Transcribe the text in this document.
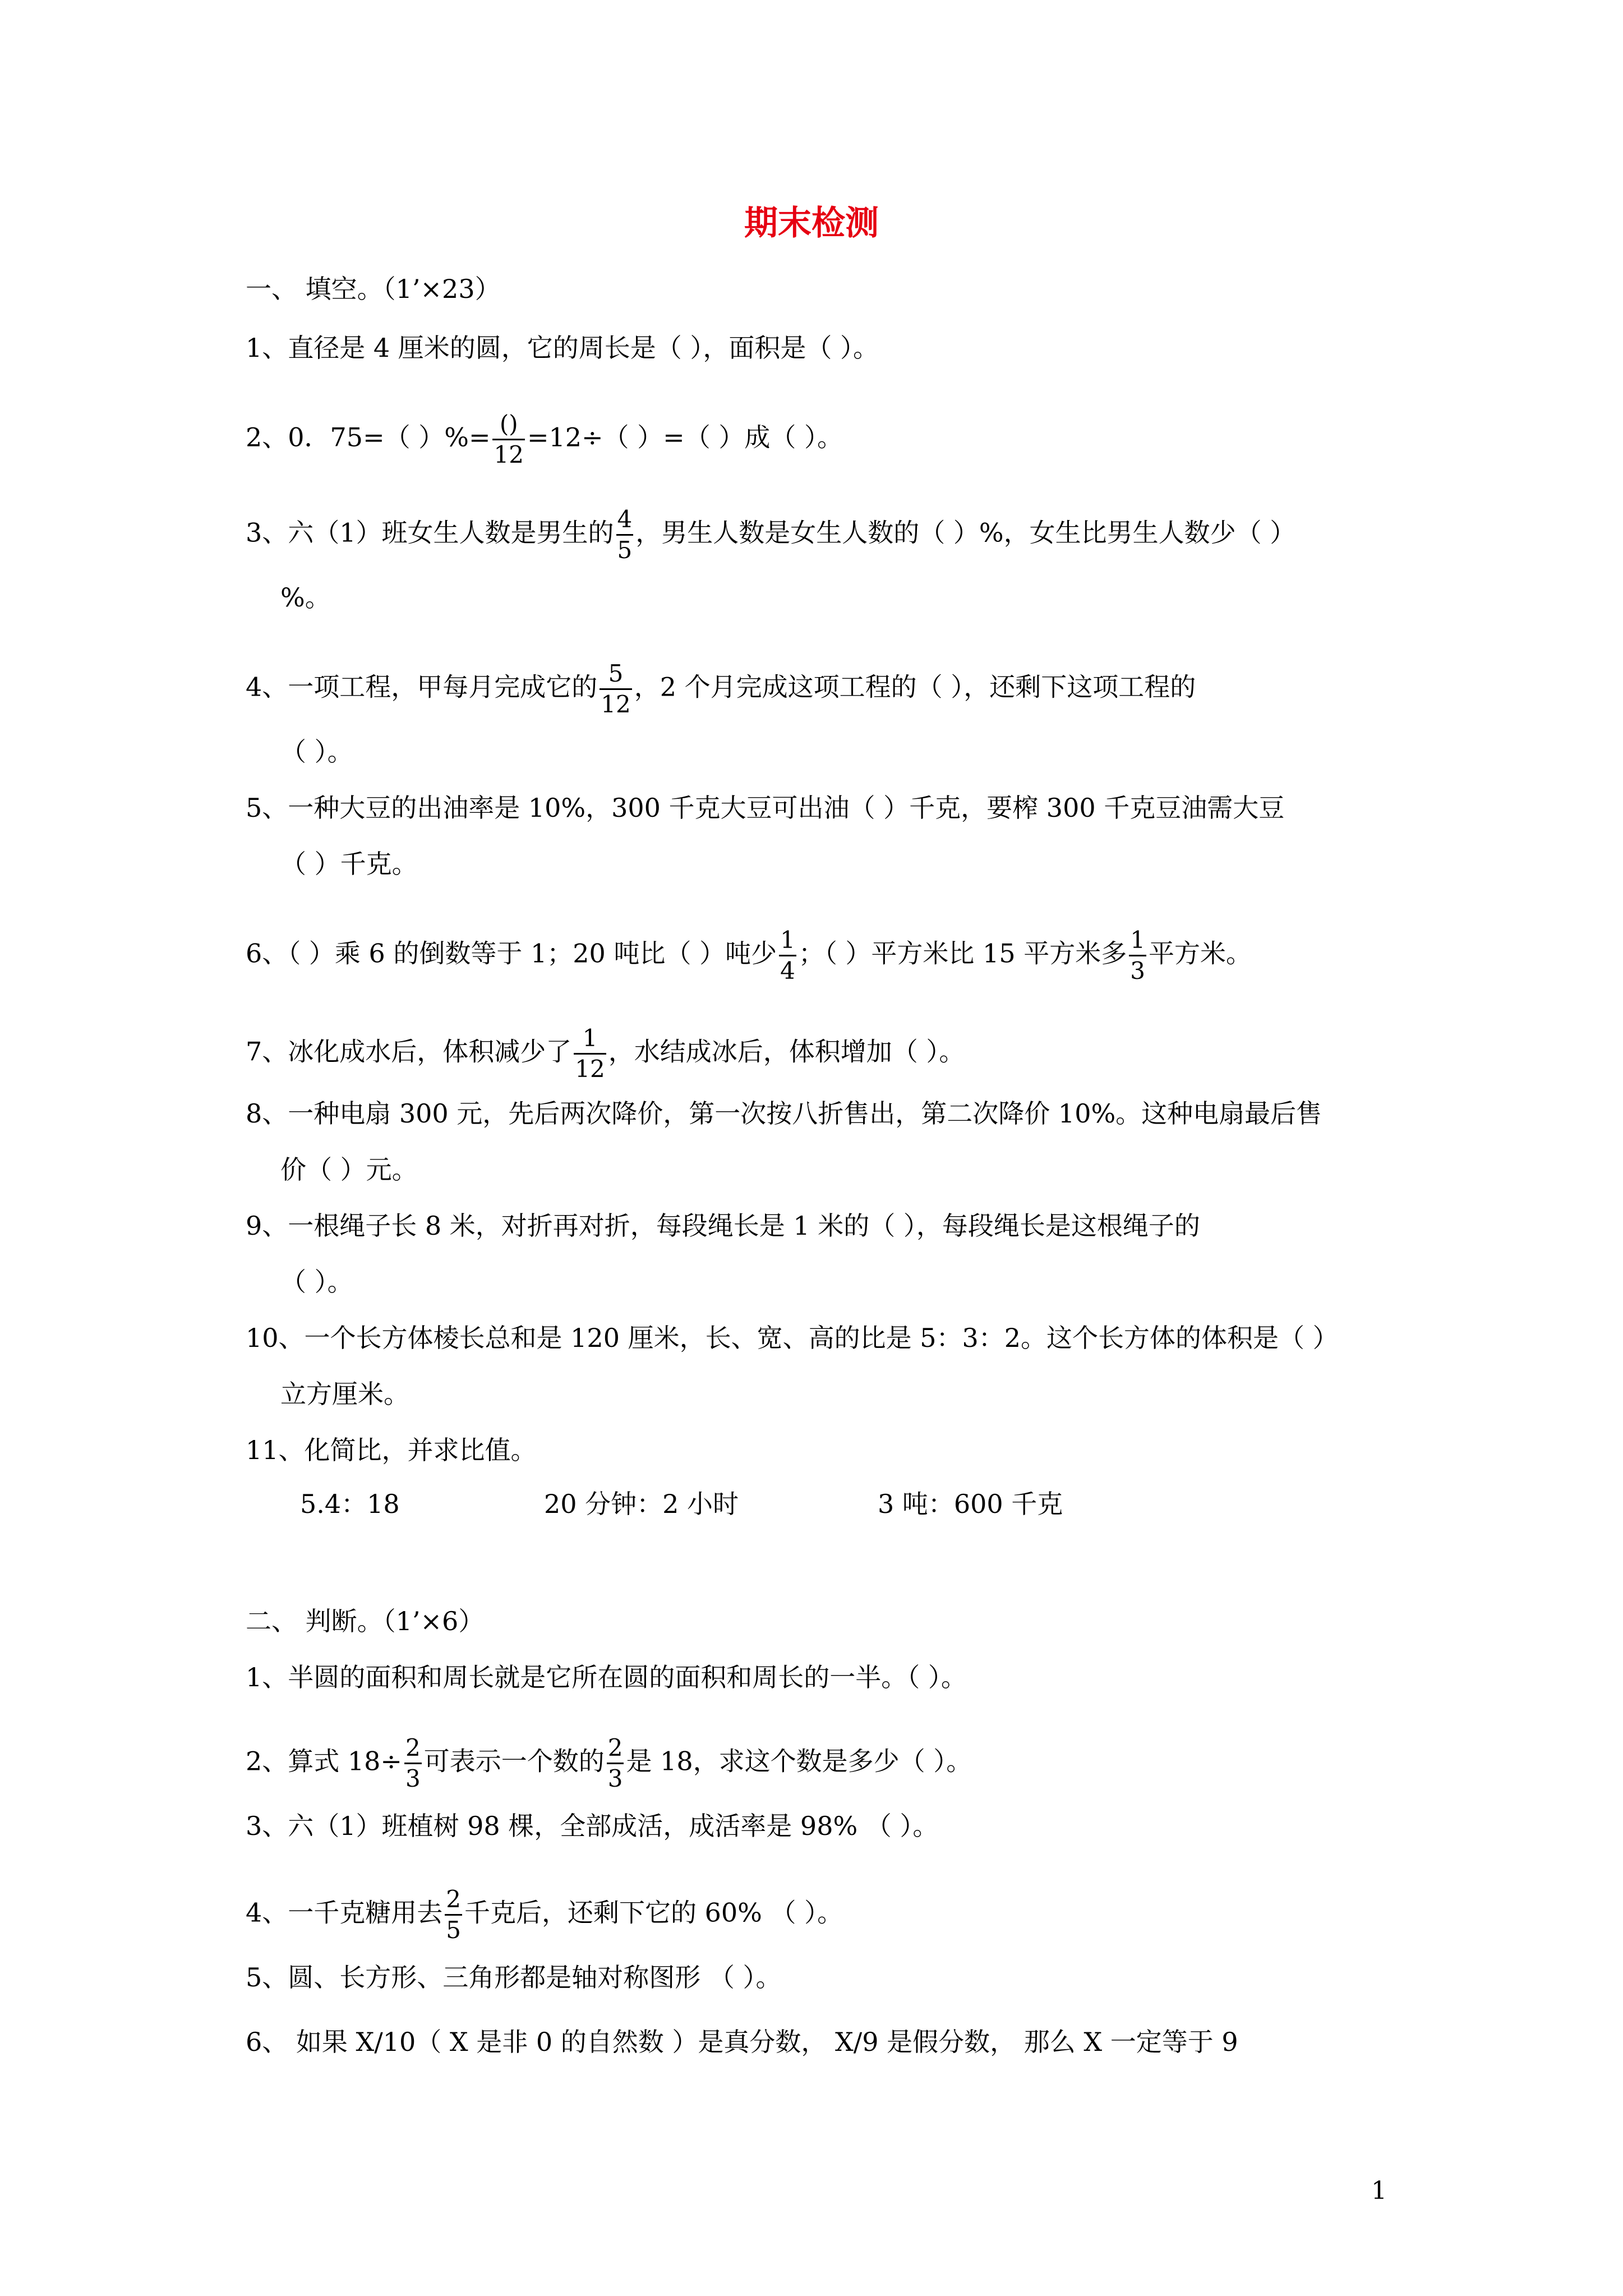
期末检测
一、 填空。（1’×23）
1、直径是 4 厘米的圆，它的周长是（ ），面积是（ ）。
2、0．75=（ ）%= $\frac{()}{12} =12\div$（ ）=（ ）成（ ）。
3、六（1）班女生人数是男生的 $\frac{4}{5}$ ，男生人数是女生人数的（ ）%，女生比男生人数少（ ）
%。
4、一项工程，甲每月完成它的 $\frac{5}{12}$ ，2 个月完成这项工程的（ ），还剩下这项工程的
（ ）。
5、一种大豆的出油率是 10%，300 千克大豆可出油（ ）千克，要榨 300 千克豆油需大豆
（ ）千克。
6、（ ）乘 6 的倒数等于 1；20 吨比（ ）吨少 $\frac{1}{4}$ ；（ ）平方米比 15 平方米多 $\frac{1}{3}$ 平方米。
7、冰化成水后，体积减少了 $\frac{1}{12}$ ，水结成冰后，体积增加（ ）。
8、一种电扇 300 元，先后两次降价，第一次按八折售出，第二次降价 10%。这种电扇最后售
价（ ）元。
9、一根绳子长 8 米，对折再对折，每段绳长是 1 米的（ ），每段绳长是这根绳子的
（ ）。
10、一个长方体棱长总和是 120 厘米，长、宽、高的比是 5：3：2。这个长方体的体积是（ ）
立方厘米。
11、化简比，并求比值。
5.4：18	20 分钟：2 小时	3 吨：600 千克
二、 判断。（1’×6）
1、半圆的面积和周长就是它所在圆的面积和周长的一半。（ ）。
2、算式 $18\div \frac{2}{3}$ 可表示一个数的 $\frac{2}{3}$ 是 18，求这个数是多少（ ）。
3、六（1）班植树 98 棵，全部成活，成活率是 98% （ ）。
4、一千克糖用去 $\frac{2}{5}$ 千克后，还剩下它的 60% （ ）。
5、圆、长方形、三角形都是轴对称图形 （ ）。
6、 如果 X/10（ X 是非 0 的自然数 ）是真分数， X/9 是假分数， 那么 X 一定等于 9
1
